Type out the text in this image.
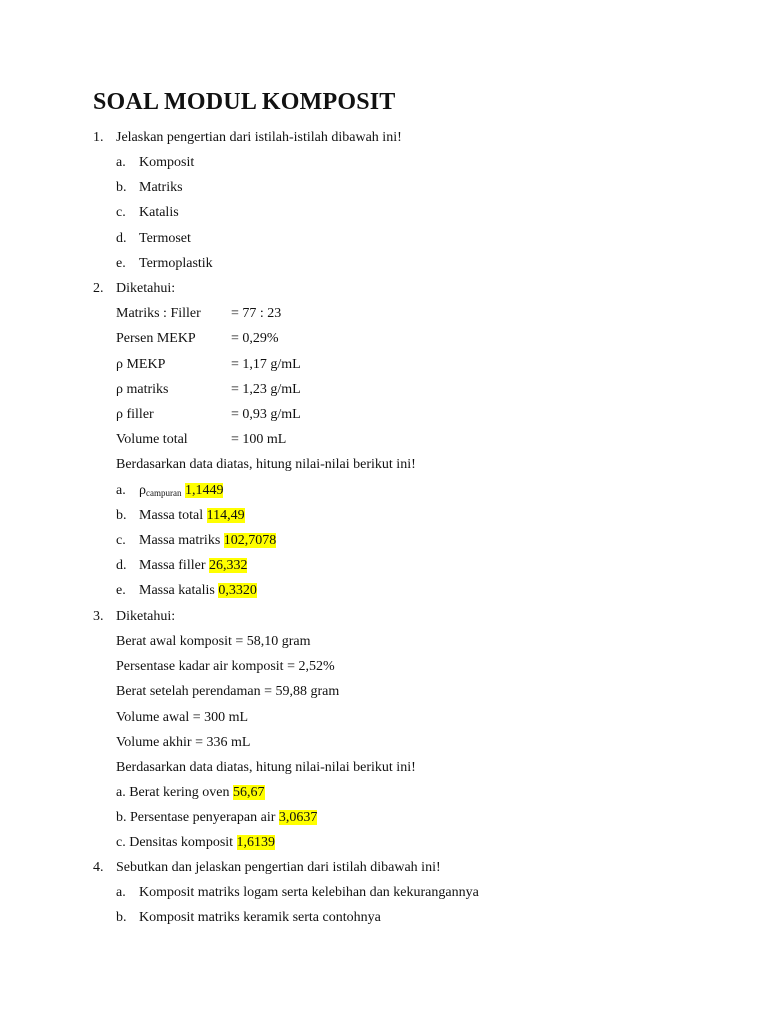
SOAL MODUL KOMPOSIT
1. Jelaskan pengertian dari istilah-istilah dibawah ini!
a. Komposit
b. Matriks
c. Katalis
d. Termoset
e. Termoplastik
2. Diketahui:
Matriks : Filler = 77 : 23
Persen MEKP	= 0,29%
ρ MEKP	= 1,17 g/mL
ρ matriks	= 1,23 g/mL
ρ filler	= 0,93 g/mL
Volume total	= 100 mL
Berdasarkan data diatas, hitung nilai-nilai berikut ini!
a. $\rho_{campuran}$ 1,1449
b. Massa total 114,49
c. Massa matriks 102,7078
d. Massa filler 26,332
e. Massa katalis 0,3320
3. Diketahui:
Berat awal komposit = 58,10 gram
Persentase kadar air komposit = 2,52%
Berat setelah perendaman = 59,88 gram
Volume awal = 300 mL
Volume akhir = 336 mL
Berdasarkan data diatas, hitung nilai-nilai berikut ini!
a. Berat kering oven 56,67
b. Persentase penyerapan air 3,0637
c. Densitas komposit 1,6139
4. Sebutkan dan jelaskan pengertian dari istilah dibawah ini!
a. Komposit matriks logam serta kelebihan dan kekurangannya
b. Komposit matriks keramik serta contohnya
